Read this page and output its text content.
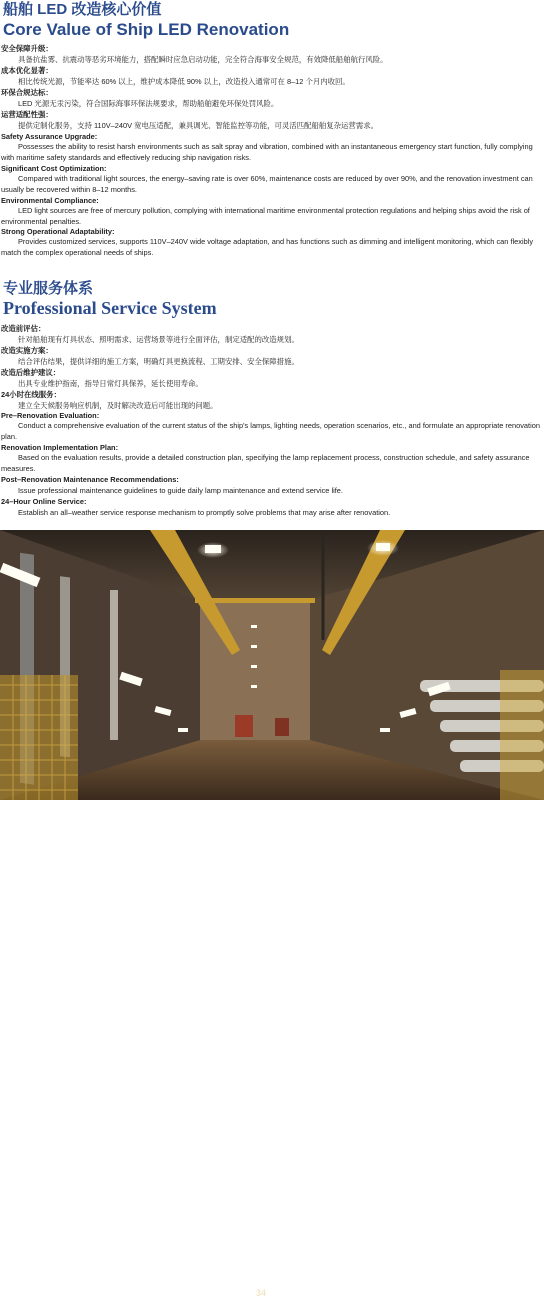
船舶 LED 改造核心价值
Core Value of Ship LED Renovation
安全保障升级：
具备抗盐雾、抗震动等恶劣环境能力，搭配瞬时应急启动功能，完全符合海事安全规范，有效降低船舶航行风险。
成本优化显著：
相比传统光源，节能率达 60% 以上，维护成本降低 90% 以上，改造投入通常可在 8–12 个月内收回。
环保合规达标：
LED 光源无汞污染，符合国际海事环保法规要求，帮助船舶避免环保处罚风险。
运营适配性强：
提供定制化服务，支持 110V–240V 宽电压适配，兼具调光、智能监控等功能，可灵活匹配船舶复杂运营需求。
Safety Assurance Upgrade:
Possesses the ability to resist harsh environments such as salt spray and vibration, combined with an instantaneous emergency start function, fully complying with maritime safety standards and effectively reducing ship navigation risks.
Significant Cost Optimization:
Compared with traditional light sources, the energy–saving rate is over 60%, maintenance costs are reduced by over 90%, and the renovation investment can usually be recovered within 8–12 months.
Environmental Compliance:
LED light sources are free of mercury pollution, complying with international maritime environmental protection regulations and helping ships avoid the risk of environmental penalties.
Strong Operational Adaptability:
Provides customized services, supports 110V–240V wide voltage adaptation, and has functions such as dimming and intelligent monitoring, which can flexibly match the complex operational needs of ships.
专业服务体系
Professional Service System
改造前评估：
针对船舶现有灯具状态、照明需求、运营场景等进行全面评估，制定适配的改造规划。
改造实施方案：
结合评估结果，提供详细的施工方案，明确灯具更换流程、工期安排、安全保障措施。
改造后维护建议：
出具专业维护指南，指导日常灯具保养，延长使用寿命。
24小时在线服务：
建立全天候服务响应机制，及时解决改造后可能出现的问题。
Pre–Renovation Evaluation:
Conduct a comprehensive evaluation of the current status of the ship's lamps, lighting needs, operation scenarios, etc., and formulate an appropriate renovation plan.
Renovation Implementation Plan:
Based on the evaluation results, provide a detailed construction plan, specifying the lamp replacement process, construction schedule, and safety assurance measures.
Post–Renovation Maintenance Recommendations:
Issue professional maintenance guidelines to guide daily lamp maintenance and extend service life.
24–Hour Online Service:
Establish an all–weather service response mechanism to promptly solve problems that may arise after renovation.
34
